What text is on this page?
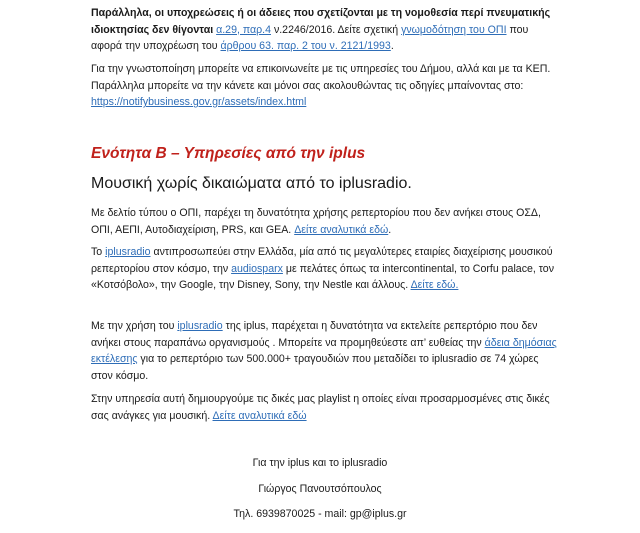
Παράλληλα, οι υποχρεώσεις ή οι άδειες που σχετίζονται με τη νομοθεσία περί πνευματικής ιδιοκτησίας δεν θίγονται α.29, παρ.4 ν.2246/2016. Δείτε σχετική γνωμοδότηση του ΟΠΙ που αφορά την υποχρέωση του άρθρου 63. παρ. 2 του ν. 2121/1993.

Για την γνωστοποίηση μπορείτε να επικοινωνείτε με τις υπηρεσίες του Δήμου, αλλά και με τα ΚΕΠ. Παράλληλα μπορείτε να την κάνετε και μόνοι σας ακολουθώντας τις οδηγίες μπαίνοντας στο: https://notifybusiness.gov.gr/assets/index.html

Ενότητα Β – Υπηρεσίες από την iplus
Μουσική χωρίς δικαιώματα από το iplusradio.

Με δελτίο τύπου ο ΟΠΙ, παρέχει τη δυνατότητα χρήσης ρεπερτορίου που δεν ανήκει στους ΟΣΔ, ΟΠΙ, ΑΕΠΙ, Αυτοδιαχείριση, PRS, και GEA. Δείτε αναλυτικά εδώ.

Το iplusradio αντιπροσωπεύει στην Ελλάδα, μία από τις μεγαλύτερες εταιρίες διαχείρισης μουσικού ρεπερτορίου στον κόσμο, την audiosparx με πελάτες όπως τα intercontinental, το Corfu palace, τον «Κοτσόβολο», την Google, την Disney, Sony, την Nestle και άλλους. Δείτε εδώ.

Με την χρήση του iplusradio της iplus, παρέχεται η δυνατότητα να εκτελείτε ρεπερτόριο που δεν ανήκει στους παραπάνω οργανισμούς . Μπορείτε να προμηθεύεστε απ’ ευθείας την άδεια δημόσιας εκτέλεσης για το ρεπερτόριο των 500.000+ τραγουδιών που μεταδίδει το iplusradio σε 74 χώρες στον κόσμο.

Στην υπηρεσία αυτή δημιουργούμε τις δικές μας playlist η οποίες είναι προσαρμοσμένες στις δικές σας ανάγκες για μουσική. Δείτε αναλυτικά εδώ

Για την iplus και το iplusradio

Γιώργος Πανουτσόπουλος

Τηλ. 6939870025 - mail: gp@iplus.gr
